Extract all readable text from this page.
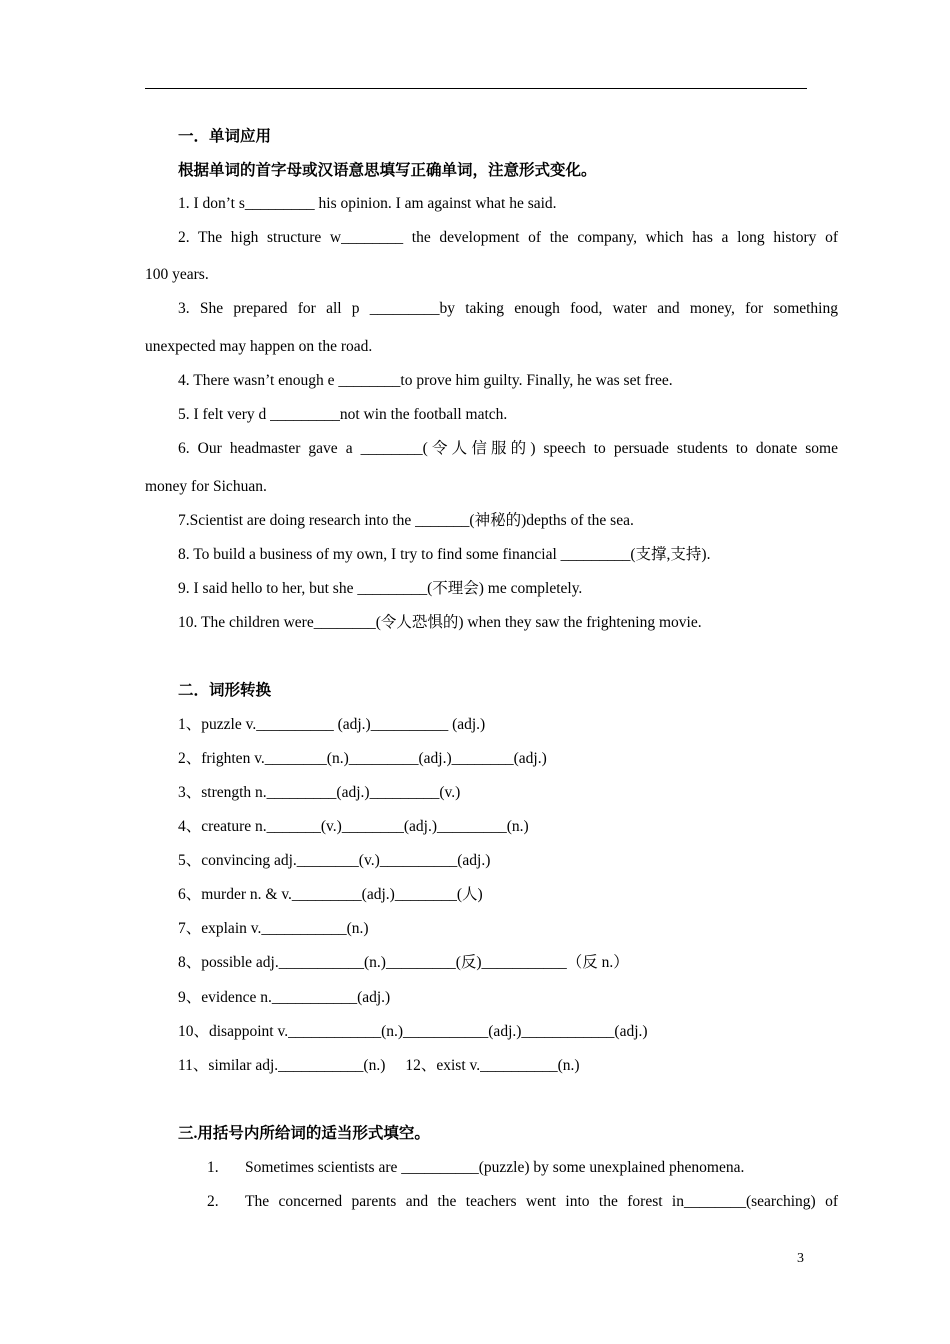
一．单词应用
根据单词的首字母或汉语意思填写正确单词，注意形式变化。
1. I don’t s_________ his opinion. I am against what he said.
2. The high structure w________ the development of the company, which has a long history of
100 years.
3. She prepared for all p _________by taking enough food, water and money, for something
unexpected may happen on the road.
4. There wasn’t enough e ________to prove him guilty. Finally, he was set free.
5. I felt very d _________not win the football match.
6. Our headmaster gave a ________(令人信服的) speech to persuade students to donate some
money for Sichuan.
7.Scientist are doing research into the _______(神秘的)depths of the sea.
8. To build a business of my own, I try to find some financial _________(支撑,支持).
9. I said hello to her, but she _________(不理会) me completely.
10. The children were________(令人恐惧的) when they saw the frightening movie.
二．词形转换
1、puzzle v.__________ (adj.)__________ (adj.)
2、frighten v.________(n.)_________(adj.)________(adj.)
3、strength n._________(adj.)_________(v.)
4、creature n._______(v.)________(adj.)_________(n.)
5、convincing adj.________(v.)__________(adj.)
6、murder n. & v._________(adj.)________(人)
7、explain v.___________(n.)
8、possible adj.___________(n.)_________(反)___________（反 n.）
9、evidence n.___________(adj.)
10、disappoint v.____________(n.)___________(adj.)____________(adj.)
11、similar adj.___________(n.) 12、exist v.__________(n.)
三.用括号内所给词的适当形式填空。
1. Sometimes scientists are __________(puzzle) by some unexplained phenomena.
2. The concerned parents and the teachers went into the forest in________(searching) of
3
